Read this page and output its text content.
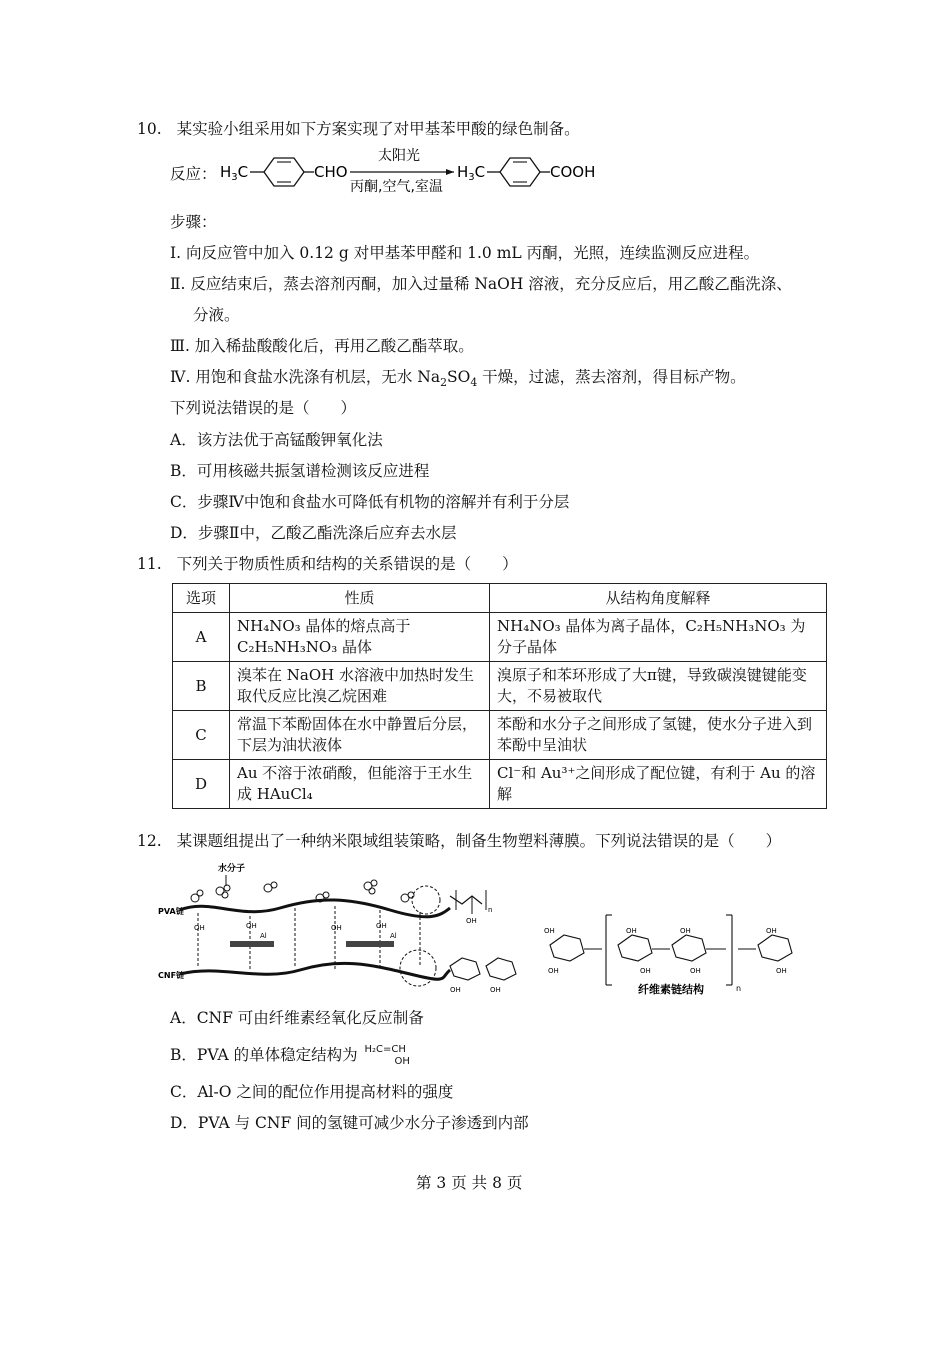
10. 某实验小组采用如下方案实现了对甲基苯甲酸的绿色制备。
反应： $H_3C$	CHO
太阳光
丙酮,空气,室温
$H_3C$	COOH
步骤：
Ⅰ. 向反应管中加入 0.12 g 对甲基苯甲醛和 1.0 mL 丙酮，光照，连续监测反应进程。
Ⅱ. 反应结束后，蒸去溶剂丙酮，加入过量稀 NaOH 溶液，充分反应后，用乙酸乙酯洗涤、
分液。
Ⅲ. 加入稀盐酸酸化后，再用乙酸乙酯萃取。
Ⅳ. 用饱和食盐水洗涤有机层，无水 $Na_2SO_4$ 干燥，过滤，蒸去溶剂，得目标产物。
下列说法错误的是（　　）
A．该方法优于高锰酸钾氧化法
B．可用核磁共振氢谱检测该反应进程
C．步骤Ⅳ中饱和食盐水可降低有机物的溶解并有利于分层
D．步骤Ⅱ中，乙酸乙酯洗涤后应弃去水层
11. 下列关于物质性质和结构的关系错误的是（　　）
选项	性质	从结构角度解释
A	NH₄NO₃ 晶体的熔点高于 C₂H₅NH₃NO₃ 晶体	NH₄NO₃ 晶体为离子晶体，C₂H₅NH₃NO₃ 为分子晶体
B	溴苯在 NaOH 水溶液中加热时发生取代反应比溴乙烷困难	溴原子和苯环形成了大π键，导致碳溴键键能变大，不易被取代
C	常温下苯酚固体在水中静置后分层，下层为油状液体	苯酚和水分子之间形成了氢键，使水分子进入到苯酚中呈油状
D	Au 不溶于浓硝酸，但能溶于王水生成 HAuCl₄	Cl⁻和 Au³⁺之间形成了配位键，有利于 Au 的溶解
12. 某课题组提出了一种纳米限域组装策略，制备生物塑料薄膜。下列说法错误的是（　　）
水分子
PVA链
OH	OH	OH	OH
Al	Al
CNF链
n
OH
OH	OH
OH
OH
OH
OH
OH
OH
OH
OH
n
纤维素链结构
A．CNF 可由纤维素经氧化反应制备
B．PVA 的单体稳定结构为 H₂C=CH
OH
C．Al-O 之间的配位作用提高材料的强度
D．PVA 与 CNF 间的氢键可减少水分子渗透到内部
第 3 页 共 8 页
